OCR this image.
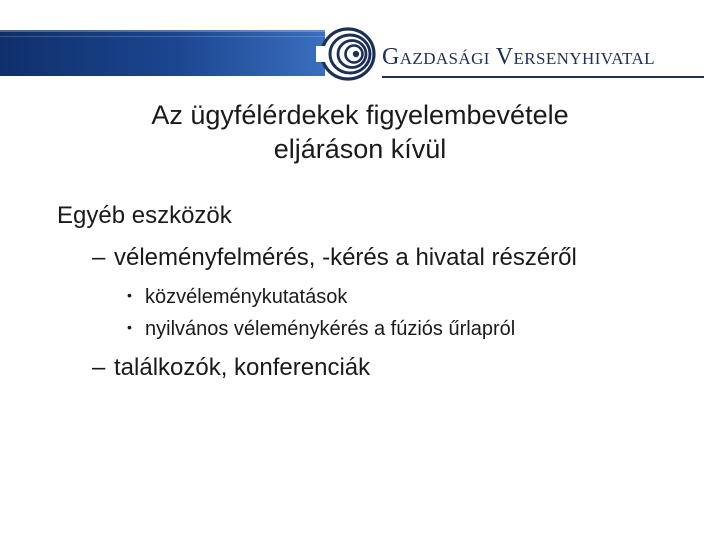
Gazdasági Versenyhivatal
Az ügyfélérdekek figyelembevétele
eljáráson kívül
Egyéb eszközök
– véleményfelmérés, -kérés a hivatal részéről
• közvéleménykutatások
• nyilvános véleménykérés a fúziós űrlapról
– találkozók, konferenciák
